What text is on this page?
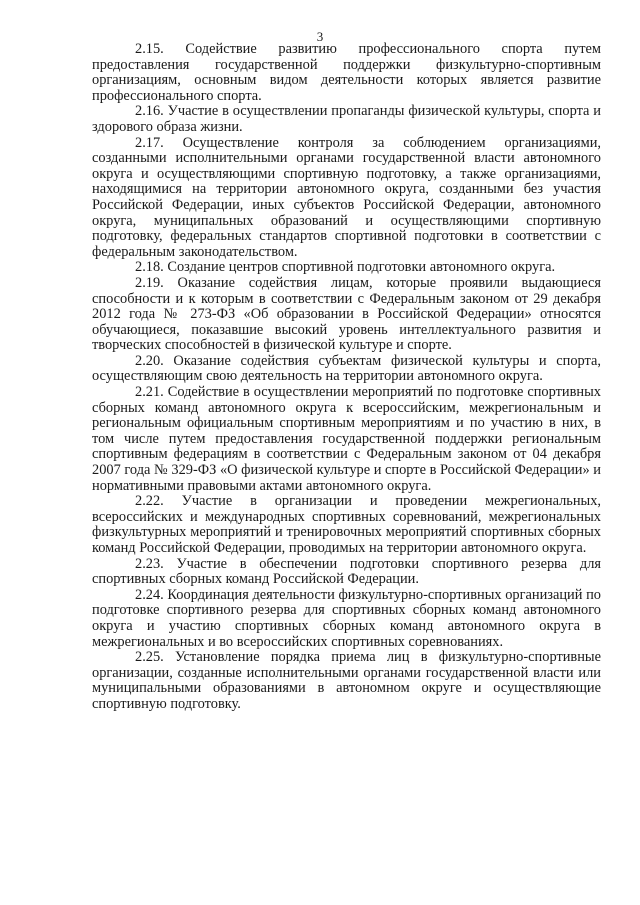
3

2.15. Содействие развитию профессионального спорта путем предоставления государственной поддержки физкультурно-спортивным организациям, основным видом деятельности которых является развитие профессионального спорта.

2.16. Участие в осуществлении пропаганды физической культуры, спорта и здорового образа жизни.

2.17. Осуществление контроля за соблюдением организациями, созданными исполнительными органами государственной власти автономного округа и осуществляющими спортивную подготовку, а также организациями, находящимися на территории автономного округа, созданными без участия Российской Федерации, иных субъектов Российской Федерации, автономного округа, муниципальных образований и осуществляющими спортивную подготовку, федеральных стандартов спортивной подготовки в соответствии с федеральным законодательством.

2.18. Создание центров спортивной подготовки автономного округа.

2.19. Оказание содействия лицам, которые проявили выдающиеся способности и к которым в соответствии с Федеральным законом от 29 декабря 2012 года № 273-ФЗ «Об образовании в Российской Федерации» относятся обучающиеся, показавшие высокий уровень интеллектуального развития и творческих способностей в физической культуре и спорте.

2.20. Оказание содействия субъектам физической культуры и спорта, осуществляющим свою деятельность на территории автономного округа.

2.21. Содействие в осуществлении мероприятий по подготовке спортивных сборных команд автономного округа к всероссийским, межрегиональным и региональным официальным спортивным мероприятиям и по участию в них, в том числе путем предоставления государственной поддержки региональным спортивным федерациям в соответствии с Федеральным законом от 04 декабря 2007 года № 329-ФЗ «О физической культуре и спорте в Российской Федерации» и нормативными правовыми актами автономного округа.

2.22. Участие в организации и проведении межрегиональных, всероссийских и международных спортивных соревнований, межрегиональных физкультурных мероприятий и тренировочных мероприятий спортивных сборных команд Российской Федерации, проводимых на территории автономного округа.

2.23. Участие в обеспечении подготовки спортивного резерва для спортивных сборных команд Российской Федерации.

2.24. Координация деятельности физкультурно-спортивных организаций по подготовке спортивного резерва для спортивных сборных команд автономного округа и участию спортивных сборных команд автономного округа в межрегиональных и во всероссийских спортивных соревнованиях.

2.25. Установление порядка приема лиц в физкультурно-спортивные организации, созданные исполнительными органами государственной власти или муниципальными образованиями в автономном округе и осуществляющие спортивную подготовку.
